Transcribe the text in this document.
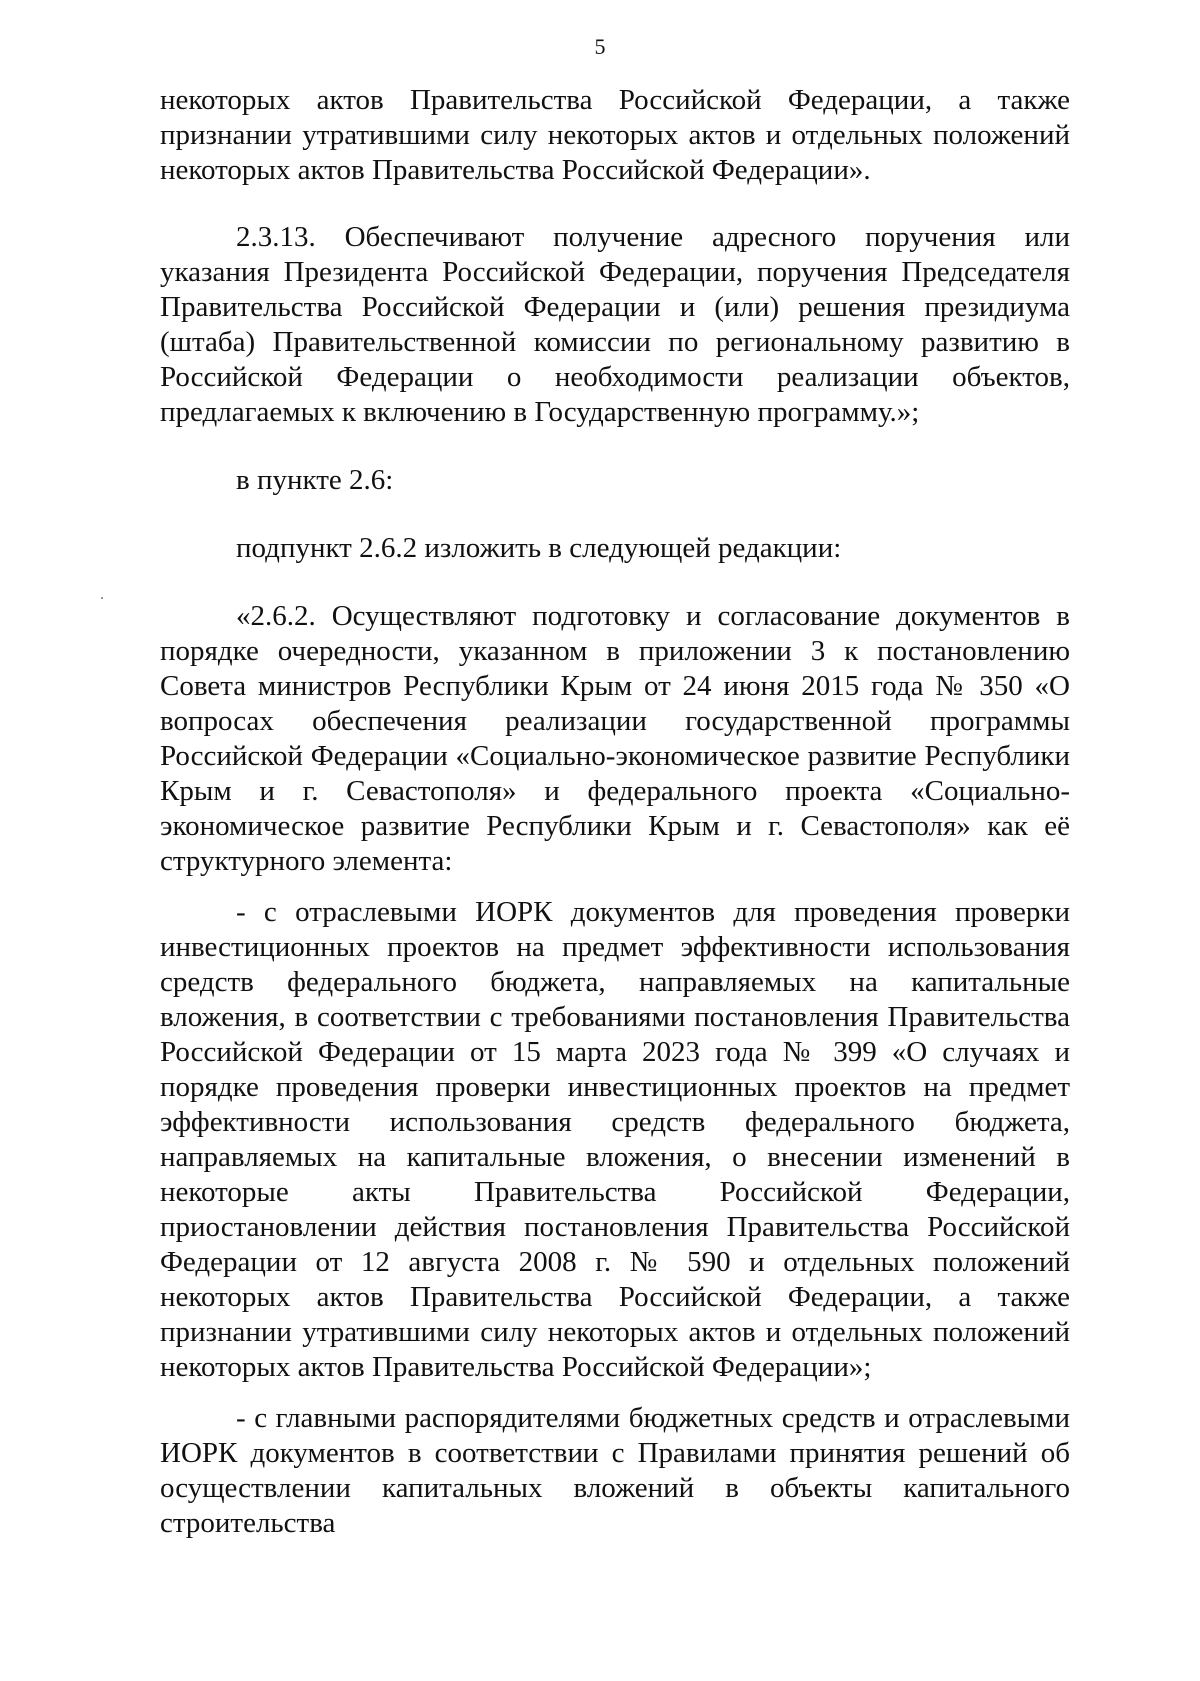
5

некоторых актов Правительства Российской Федерации, а также признании утратившими силу некоторых актов и отдельных положений некоторых актов Правительства Российской Федерации».

2.3.13. Обеспечивают получение адресного поручения или указания Президента Российской Федерации, поручения Председателя Правительства Российской Федерации и (или) решения президиума (штаба) Правительственной комиссии по региональному развитию в Российской Федерации о необходимости реализации объектов, предлагаемых к включению в Государственную программу.»;

в пункте 2.6:

подпункт 2.6.2 изложить в следующей редакции:

«2.6.2. Осуществляют подготовку и согласование документов в порядке очередности, указанном в приложении 3 к постановлению Совета министров Республики Крым от 24 июня 2015 года № 350 «О вопросах обеспечения реализации государственной программы Российской Федерации «Социально-экономическое развитие Республики Крым и г. Севастополя» и федерального проекта «Социально-экономическое развитие Республики Крым и г. Севастополя» как её структурного элемента:

- с отраслевыми ИОРК документов для проведения проверки инвестиционных проектов на предмет эффективности использования средств федерального бюджета, направляемых на капитальные вложения, в соответствии с требованиями постановления Правительства Российской Федерации от 15 марта 2023 года № 399 «О случаях и порядке проведения проверки инвестиционных проектов на предмет эффективности использования средств федерального бюджета, направляемых на капитальные вложения, о внесении изменений в некоторые акты Правительства Российской Федерации, приостановлении действия постановления Правительства Российской Федерации от 12 августа 2008 г. № 590 и отдельных положений некоторых актов Правительства Российской Федерации, а также признании утратившими силу некоторых актов и отдельных положений некоторых актов Правительства Российской Федерации»;

- с главными распорядителями бюджетных средств и отраслевыми ИОРК документов в соответствии с Правилами принятия решений об осуществлении капитальных вложений в объекты капитального строительства
